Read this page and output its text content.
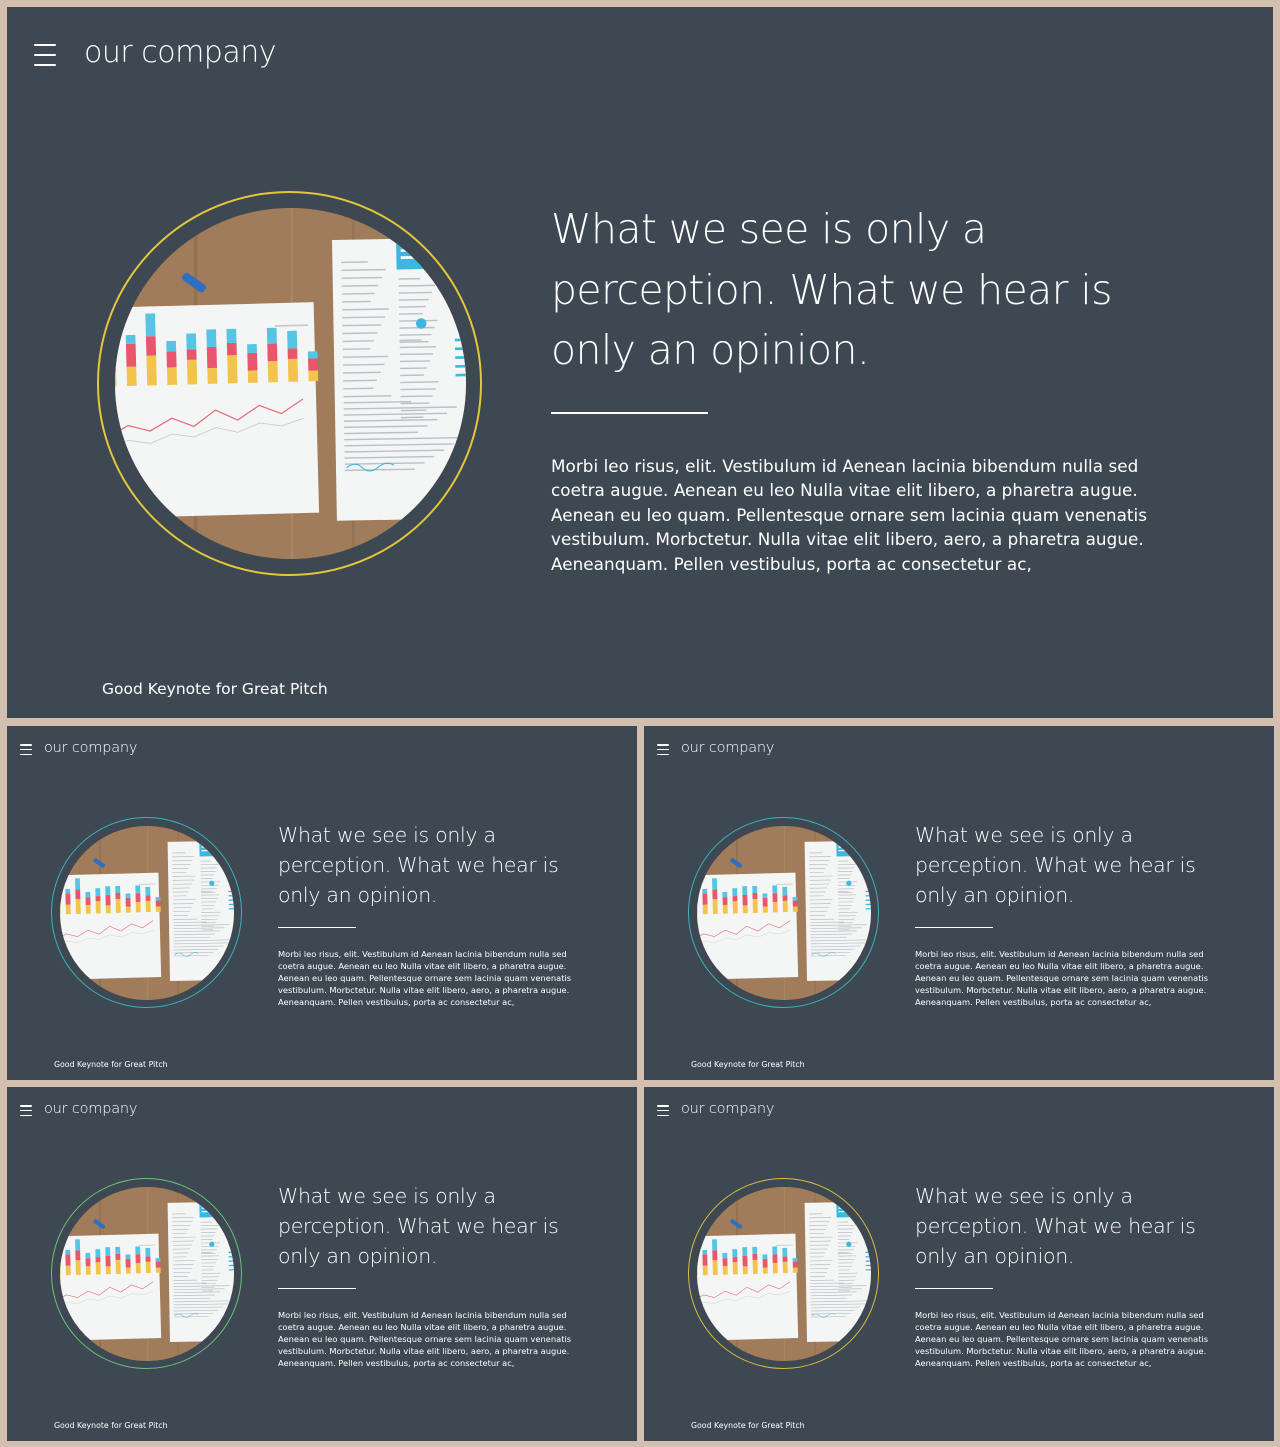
our company
What we see is only a perception. What we hear is only an opinion.
Morbi leo risus, elit. Vestibulum id Aenean lacinia bibendum nulla sed coetra augue. Aenean eu leo Nulla vitae elit libero, a pharetra augue. Aenean eu leo quam. Pellentesque ornare sem lacinia quam venenatis vestibulum. Morbctetur. Nulla vitae elit libero, aero, a pharetra augue. Aeneanquam. Pellen vestibulus, porta ac consectetur ac,
Good Keynote for Great Pitch
our company
What we see is only a perception. What we hear is only an opinion.
Morbi leo risus, elit. Vestibulum id Aenean lacinia bibendum nulla sed coetra augue. Aenean eu leo Nulla vitae elit libero, a pharetra augue. Aenean eu leo quam. Pellentesque ornare sem lacinia quam venenatis vestibulum. Morbctetur. Nulla vitae elit libero, aero, a pharetra augue. Aeneanquam. Pellen vestibulus, porta ac consectetur ac,
Good Keynote for Great Pitch
our company
What we see is only a perception. What we hear is only an opinion.
Morbi leo risus, elit. Vestibulum id Aenean lacinia bibendum nulla sed coetra augue. Aenean eu leo Nulla vitae elit libero, a pharetra augue. Aenean eu leo quam. Pellentesque ornare sem lacinia quam venenatis vestibulum. Morbctetur. Nulla vitae elit libero, aero, a pharetra augue. Aeneanquam. Pellen vestibulus, porta ac consectetur ac,
Good Keynote for Great Pitch
our company
What we see is only a perception. What we hear is only an opinion.
Morbi leo risus, elit. Vestibulum id Aenean lacinia bibendum nulla sed coetra augue. Aenean eu leo Nulla vitae elit libero, a pharetra augue. Aenean eu leo quam. Pellentesque ornare sem lacinia quam venenatis vestibulum. Morbctetur. Nulla vitae elit libero, aero, a pharetra augue. Aeneanquam. Pellen vestibulus, porta ac consectetur ac,
Good Keynote for Great Pitch
our company
What we see is only a perception. What we hear is only an opinion.
Morbi leo risus, elit. Vestibulum id Aenean lacinia bibendum nulla sed coetra augue. Aenean eu leo Nulla vitae elit libero, a pharetra augue. Aenean eu leo quam. Pellentesque ornare sem lacinia quam venenatis vestibulum. Morbctetur. Nulla vitae elit libero, aero, a pharetra augue. Aeneanquam. Pellen vestibulus, porta ac consectetur ac,
Good Keynote for Great Pitch
